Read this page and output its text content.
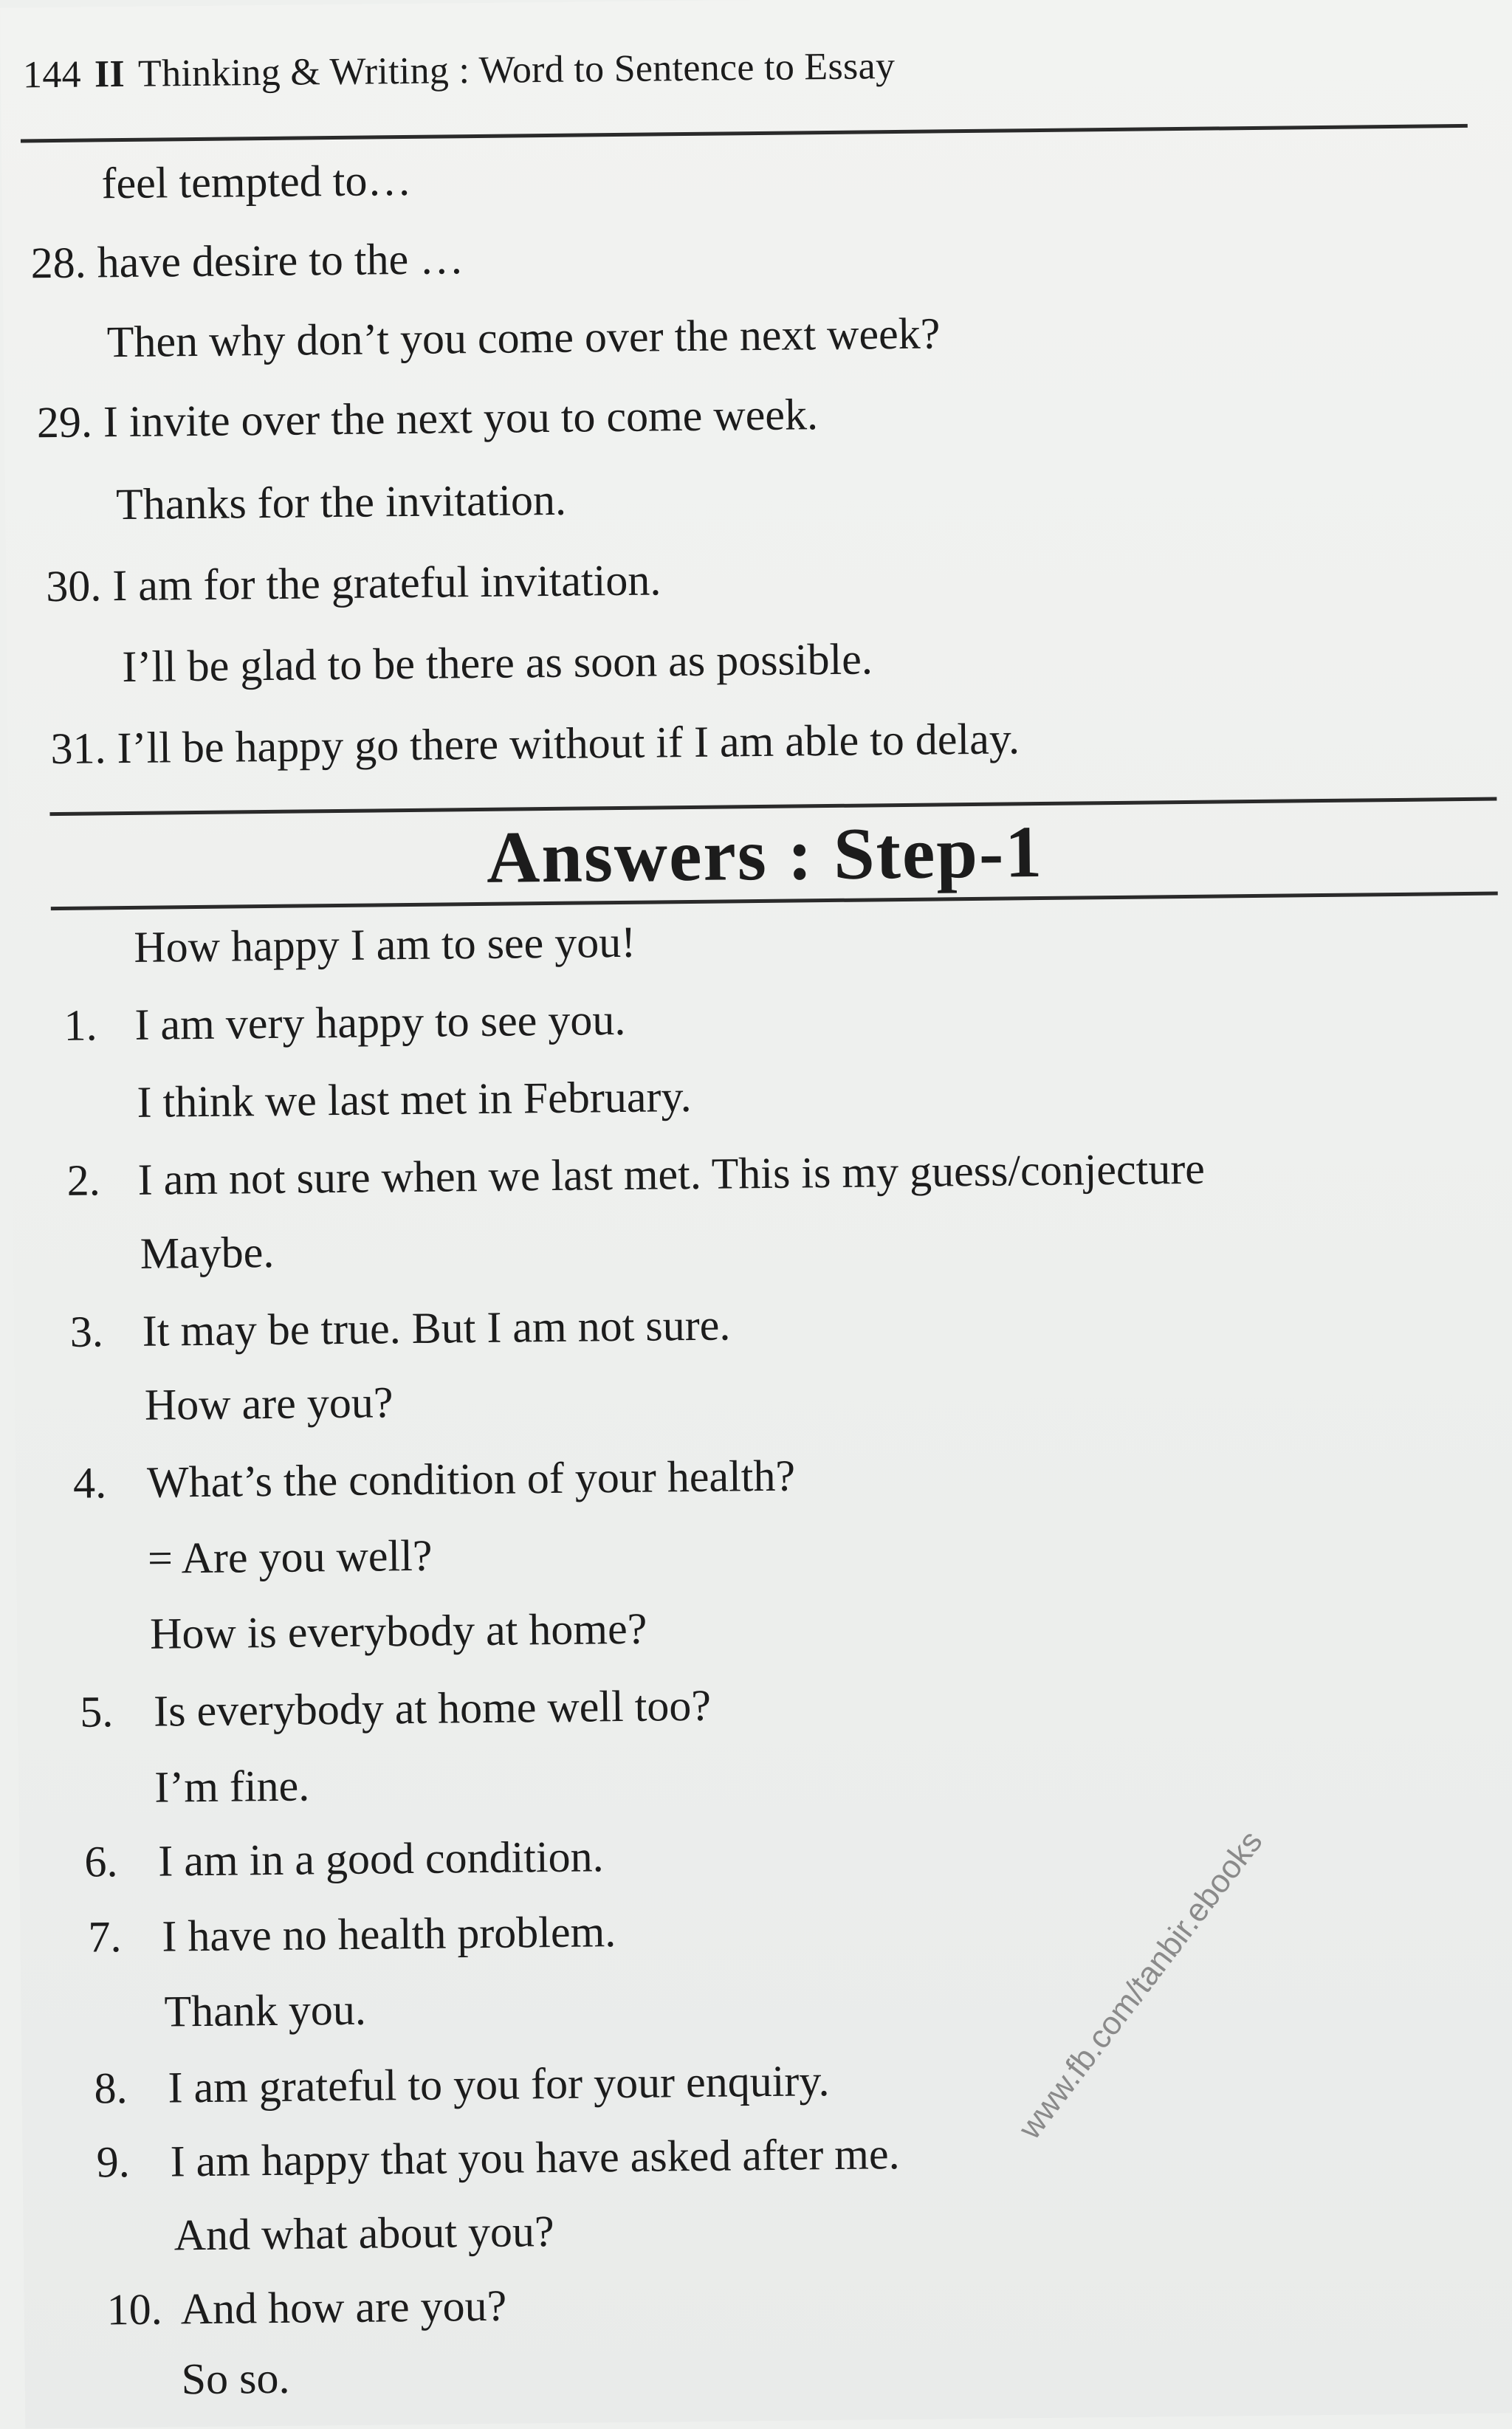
144 II Thinking & Writing : Word to Sentence to Essay
feel tempted to…
28. have desire to the …
Then why don’t you come over the next week?
29. I invite over the next you to come week.
Thanks for the invitation.
30. I am for the grateful invitation.
I’ll be glad to be there as soon as possible.
31. I’ll be happy go there without if I am able to delay.
Answers : Step-1
How happy I am to see you!
1. I am very happy to see you.
I think we last met in February.
2. I am not sure when we last met. This is my guess/conjecture
Maybe.
3. It may be true. But I am not sure.
How are you?
4. What’s the condition of your health?
= Are you well?
How is everybody at home?
5. Is everybody at home well too?
I’m fine.
6. I am in a good condition.
7. I have no health problem.
Thank you.
8. I am grateful to you for your enquiry.
9. I am happy that you have asked after me.
And what about you?
10. And how are you?
So so.
www.fb.com/tanbir.ebooks
